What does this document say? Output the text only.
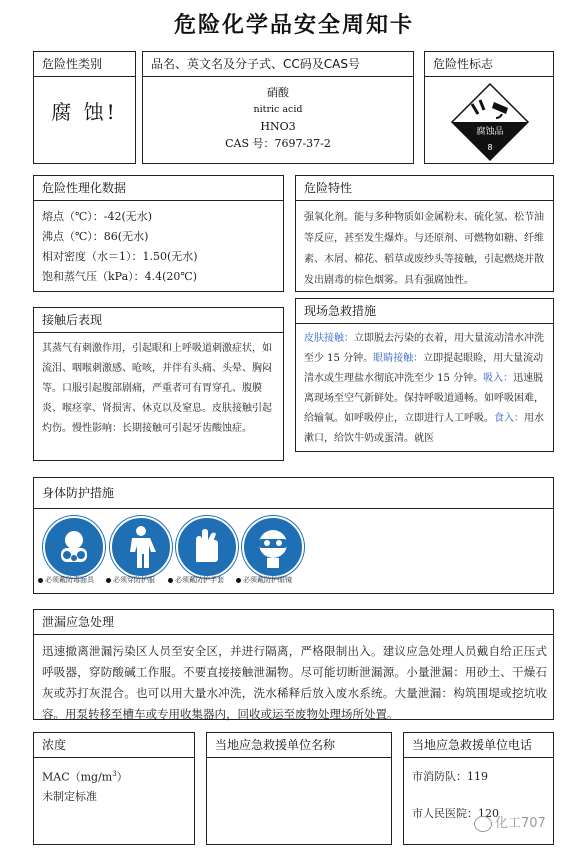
危险化学品安全周知卡
危险性类别
腐 蚀!
品名、英文名及分子式、CC码及CAS号
硝酸
nitric acid
HNO3
CAS 号：7697-37-2
危险性标志
腐蚀品
8
危险性理化数据
熔点（℃）：-42(无水)
沸点（℃）：86(无水)
相对密度（水＝1）：1.50(无水)
饱和蒸气压（kPa）：4.4(20℃)
危险特性
强氧化剂。能与多种物质如金属粉末、硫化氢、松节油等反应，甚至发生爆炸。与还原剂、可燃物如糖、纤维素、木屑、棉花、稻草或废纱头等接触，引起燃烧并散发出剧毒的棕色烟雾。具有强腐蚀性。
接触后表现
其蒸气有刺激作用，引起眼和上呼吸道刺激症状，如流泪、咽喉刺激感、呛咳，并伴有头痛、头晕、胸闷等。口服引起腹部剧痛，严重者可有胃穿孔、腹膜炎、喉痉挛、肾损害、休克以及窒息。皮肤接触引起灼伤。慢性影响：长期接触可引起牙齿酸蚀症。
现场急救措施
皮肤接触：立即脱去污染的衣着，用大量流动清水冲洗至少 15 分钟。眼睛接触：立即提起眼睑，用大量流动清水或生理盐水彻底冲洗至少 15 分钟。吸入：迅速脱离现场至空气新鲜处。保持呼吸道通畅。如呼吸困难，给输氧。如呼吸停止，立即进行人工呼吸。食入：用水漱口，给饮牛奶或蛋清。就医
身体防护措施
必须戴防毒面具	必须穿防护服	必须戴防护手套	必须戴防护眼镜
泄漏应急处理
迅速撤离泄漏污染区人员至安全区，并进行隔离，严格限制出入。建议应急处理人员戴自给正压式呼吸器，穿防酸碱工作服。不要直接接触泄漏物。尽可能切断泄漏源。小量泄漏：用砂土、干燥石灰或苏打灰混合。也可以用大量水冲洗，洗水稀释后放入废水系统。大量泄漏：构筑围堤或挖坑收容。用泵转移至槽车或专用收集器内，回收或运至废物处理场所处置。
浓度
$MAC(mg/m^3)$
未制定标准
当地应急救援单位名称	当地应急救援单位电话
市消防队：119
市人民医院：120
化工707
